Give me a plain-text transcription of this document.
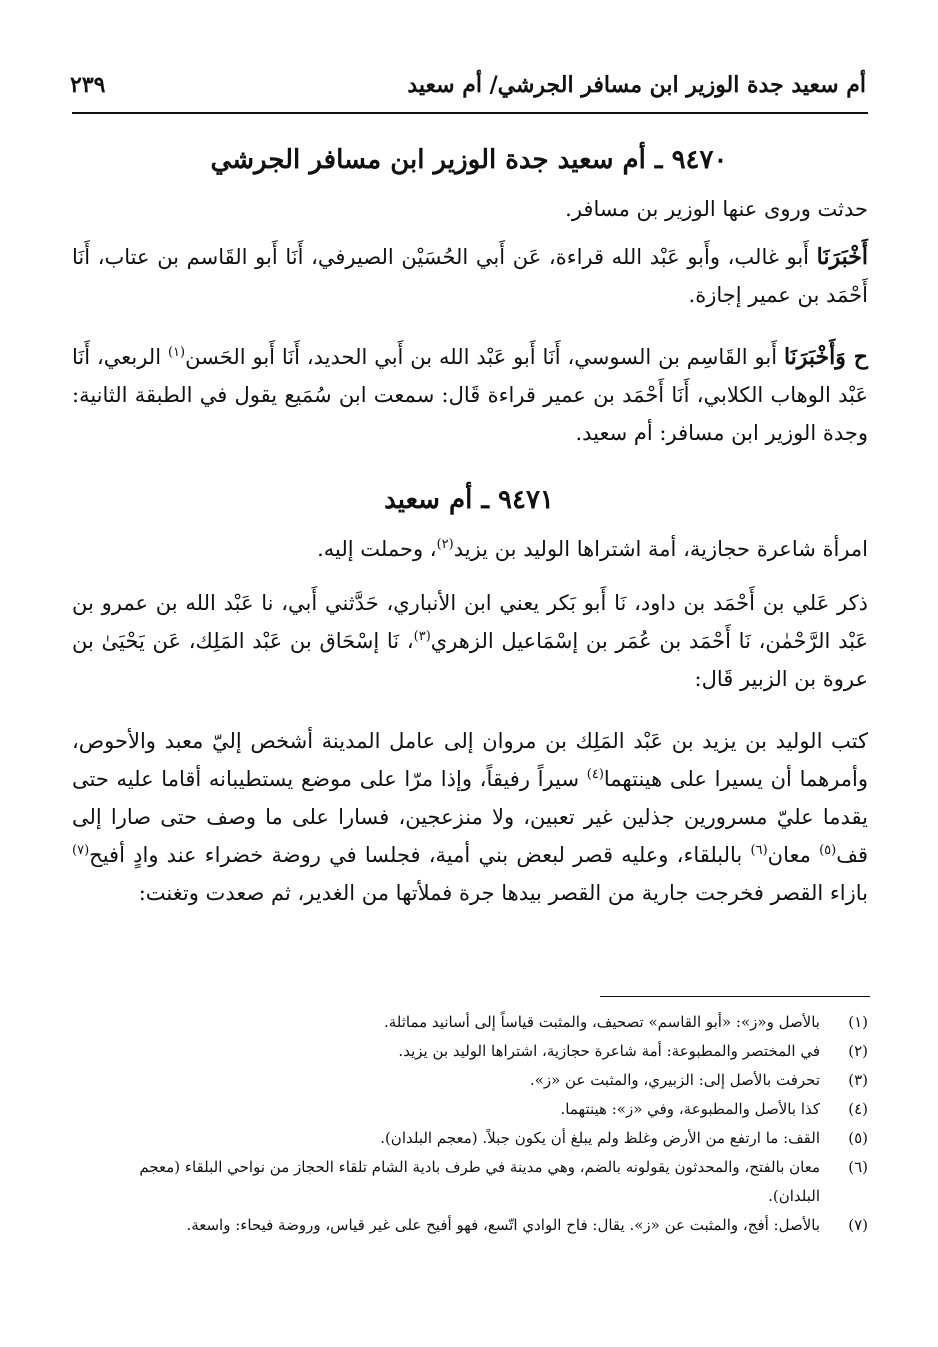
أم سعيد جدة الوزير ابن مسافر الجرشي/ أم سعيد
٢٣٩
٩٤٧٠ ـ أم سعيد جدة الوزير ابن مسافر الجرشي
حدثت وروى عنها الوزير بن مسافر.
أَخْبَرَنَا أَبو غالب، وأَبو عَبْد الله قراءة، عَن أَبي الحُسَيْن الصيرفي، أَنَا أَبو القَاسم بن عتاب، أَنَا أَحْمَد بن عمير إجازة.
ح وَأَخْبَرَنَا أَبو القَاسِم بن السوسي، أَنَا أَبو عَبْد الله بن أَبي الحديد، أَنَا أَبو الحَسن$^{(١)}$ الربعي، أَنَا عَبْد الوهاب الكلابي، أَنَا أَحْمَد بن عمير قراءة قَال: سمعت ابن سُمَيع يقول في الطبقة الثانية: وجدة الوزير ابن مسافر: أم سعيد.
٩٤٧١ ـ أم سعيد
امرأة شاعرة حجازية، أمة اشتراها الوليد بن يزيد$^{(٢)}$، وحملت إليه.
ذكر عَلي بن أَحْمَد بن داود، نَا أَبو بَكر يعني ابن الأنباري، حَدَّثني أَبي، نا عَبْد الله بن عمرو بن عَبْد الرَّحْمٰن، نَا أَحْمَد بن عُمَر بن إسْمَاعيل الزهري$^{(٣)}$، نَا إسْحَاق بن عَبْد المَلِك، عَن يَحْيَىٰ بن عروة بن الزبير قَال:
كتب الوليد بن يزيد بن عَبْد المَلِك بن مروان إلى عامل المدينة أشخص إليّ معبد والأحوص، وأمرهما أن يسيرا على هينتهما$^{(٤)}$ سيراً رفيقاً، وإذا مرّا على موضع يستطيبانه أقاما عليه حتى يقدما عليّ مسرورين جذلين غير تعبين، ولا منزعجين، فسارا على ما وصف حتى صارا إلى قف$^{(٥)}$ معان$^{(٦)}$ بالبلقاء، وعليه قصر لبعض بني أمية، فجلسا في روضة خضراء عند وادٍ أفيح$^{(٧)}$ بازاء القصر فخرجت جارية من القصر بيدها جرة فملأتها من الغدير، ثم صعدت وتغنت:
(١)
بالأصل و«ز»: «أبو القاسم» تصحيف، والمثبت قياساً إلى أسانيد مماثلة.
(٢)
في المختصر والمطبوعة: أمة شاعرة حجازية، اشتراها الوليد بن يزيد.
(٣)
تحرفت بالأصل إلى: الزبيري، والمثبت عن «ز».
(٤)
كذا بالأصل والمطبوعة، وفي «ز»: هينتهما.
(٥)
القف: ما ارتفع من الأرض وغلظ ولم يبلغ أن يكون جبلاً. (معجم البلدان).
(٦)
معان بالفتح، والمحدثون يقولونه بالضم، وهي مدينة في طرف بادية الشام تلقاء الحجاز من نواحي البلقاء (معجم البلدان).
(٧)
بالأصل: أفج، والمثبت عن «ز». يقال: فاح الوادي اتّسع، فهو أفيح على غير قياس، وروضة فيحاء: واسعة.
